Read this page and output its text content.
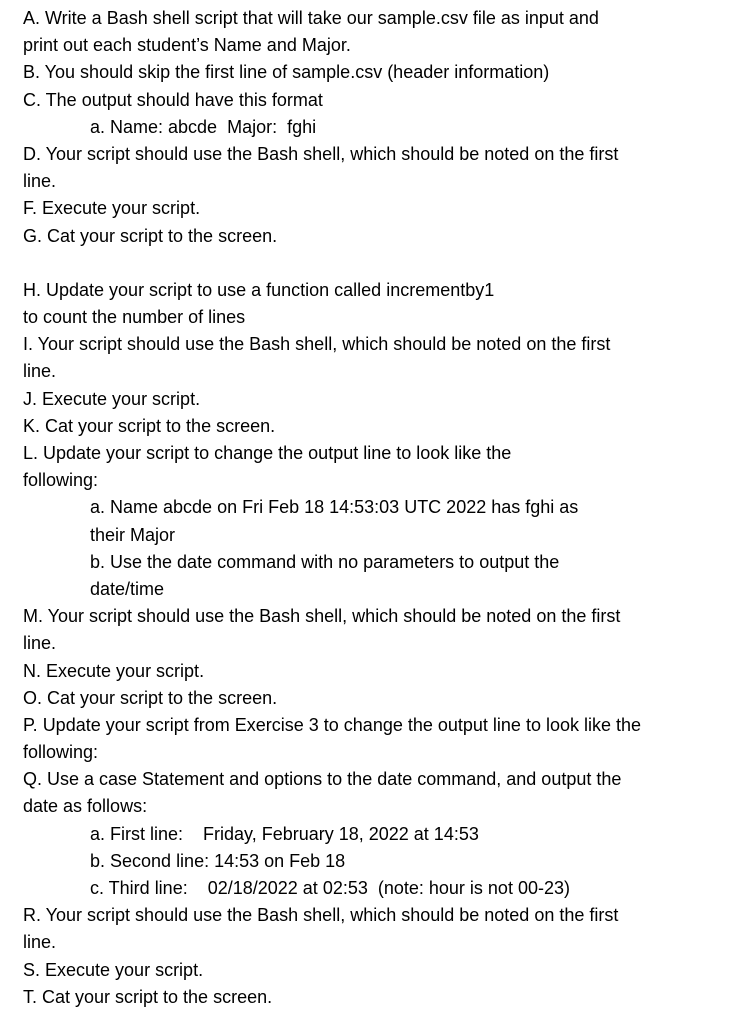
A. Write a Bash shell script that will take our sample.csv file as input and
print out each student’s Name and Major.
B. You should skip the first line of sample.csv (header information)
C. The output should have this format
a. Name: abcde  Major:  fghi
D. Your script should use the Bash shell, which should be noted on the first
line.
F. Execute your script.
G. Cat your script to the screen.
H. Update your script to use a function called incrementby1
to count the number of lines
I. Your script should use the Bash shell, which should be noted on the first
line.
J. Execute your script.
K. Cat your script to the screen.
L. Update your script to change the output line to look like the
following:
a. Name abcde on Fri Feb 18 14:53:03 UTC 2022 has fghi as
their Major
b. Use the date command with no parameters to output the
date/time
M. Your script should use the Bash shell, which should be noted on the first
line.
N. Execute your script.
O. Cat your script to the screen.
P. Update your script from Exercise 3 to change the output line to look like the
following:
Q. Use a case Statement and options to the date command, and output the
date as follows:
a. First line:    Friday, February 18, 2022 at 14:53
b. Second line: 14:53 on Feb 18
c. Third line:    02/18/2022 at 02:53  (note: hour is not 00-23)
R. Your script should use the Bash shell, which should be noted on the first
line.
S. Execute your script.
T. Cat your script to the screen.
